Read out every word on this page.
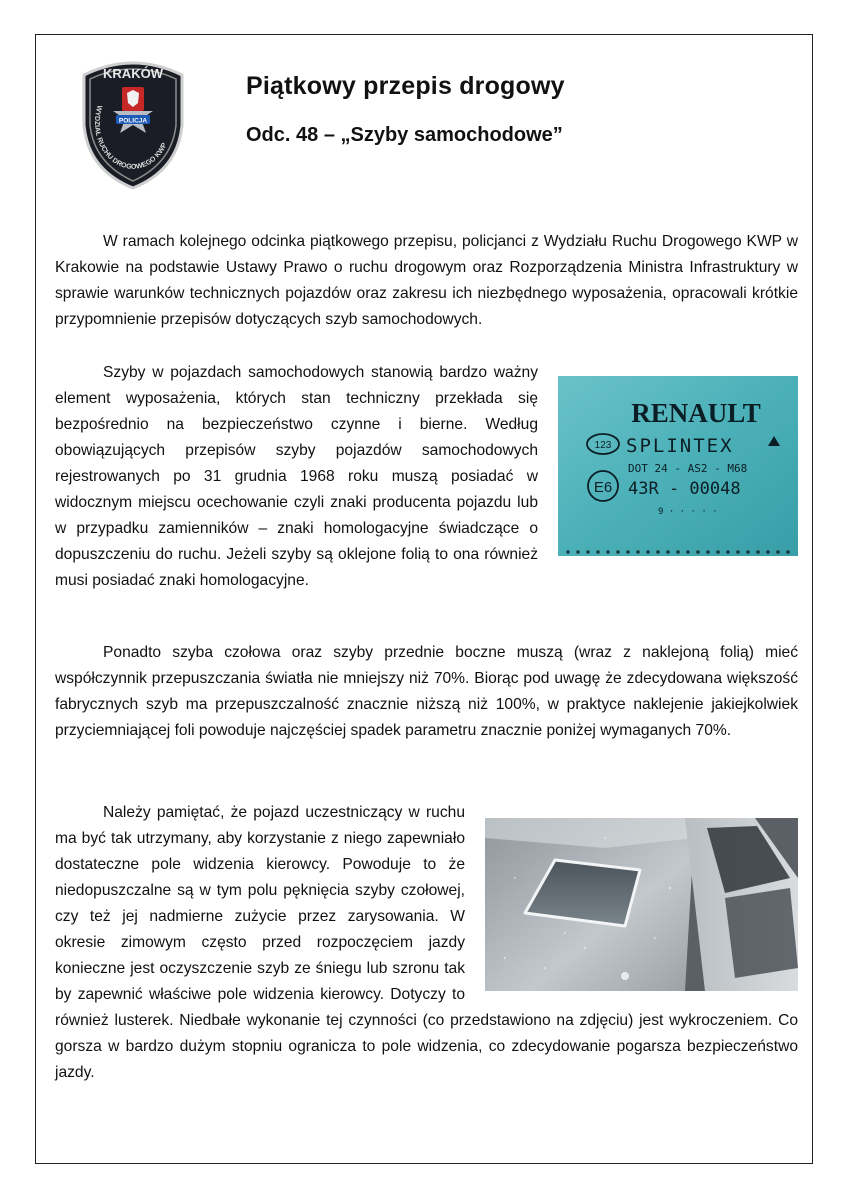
KRAKÓW
WYDZIAŁ RUCHU DROGOWEGO KWP
POLICJA
Piątkowy przepis drogowy
Odc. 48 – „Szyby samochodowe”

W ramach kolejnego odcinka piątkowego przepisu, policjanci z Wydziału Ruchu Drogowego KWP w Krakowie na podstawie Ustawy Prawo o ruchu drogowym oraz Rozporządzenia Ministra Infrastruktury w sprawie warunków technicznych pojazdów oraz zakresu ich niezbędnego wyposażenia, opracowali krótkie przypomnienie przepisów dotyczących szyb samochodowych.

RENAULT
123 SPLINTEX
DOT 24 - AS2 - M68
E6 43R - 00048
9 · · · · ·
Szyby w pojazdach samochodowych stanowią bardzo ważny element wyposażenia, których stan techniczny przekłada się bezpośrednio na bezpieczeństwo czynne i bierne. Według obowiązujących przepisów szyby pojazdów samochodowych rejestrowanych po 31 grudnia 1968 roku muszą posiadać w widocznym miejscu ocechowanie czyli znaki producenta pojazdu lub w przypadku zamienników – znaki homologacyjne świadczące o dopuszczeniu do ruchu. Jeżeli szyby są oklejone folią to ona również musi posiadać znaki homologacyjne.

Ponadto szyba czołowa oraz szyby przednie boczne muszą (wraz z naklejoną folią) mieć współczynnik przepuszczania światła nie mniejszy niż 70%. Biorąc pod uwagę że zdecydowana większość fabrycznych szyb ma przepuszczalność znacznie niższą niż 100%, w praktyce naklejenie jakiejkolwiek przyciemniającej foli powoduje najczęściej spadek parametru znacznie poniżej wymaganych 70%.

Należy pamiętać, że pojazd uczestniczący w ruchu ma być tak utrzymany, aby korzystanie z niego zapewniało dostateczne pole widzenia kierowcy. Powoduje to że niedopuszczalne są w tym polu pęknięcia szyby czołowej, czy też jej nadmierne zużycie przez zarysowania. W okresie zimowym często przed rozpoczęciem jazdy konieczne jest oczyszczenie szyb ze śniegu lub szronu tak by zapewnić właściwe pole widzenia kierowcy. Dotyczy to również lusterek. Niedbałe wykonanie tej czynności (co przedstawiono na zdjęciu) jest wykroczeniem. Co gorsza w bardzo dużym stopniu ogranicza to pole widzenia, co zdecydowanie pogarsza bezpieczeństwo jazdy.
